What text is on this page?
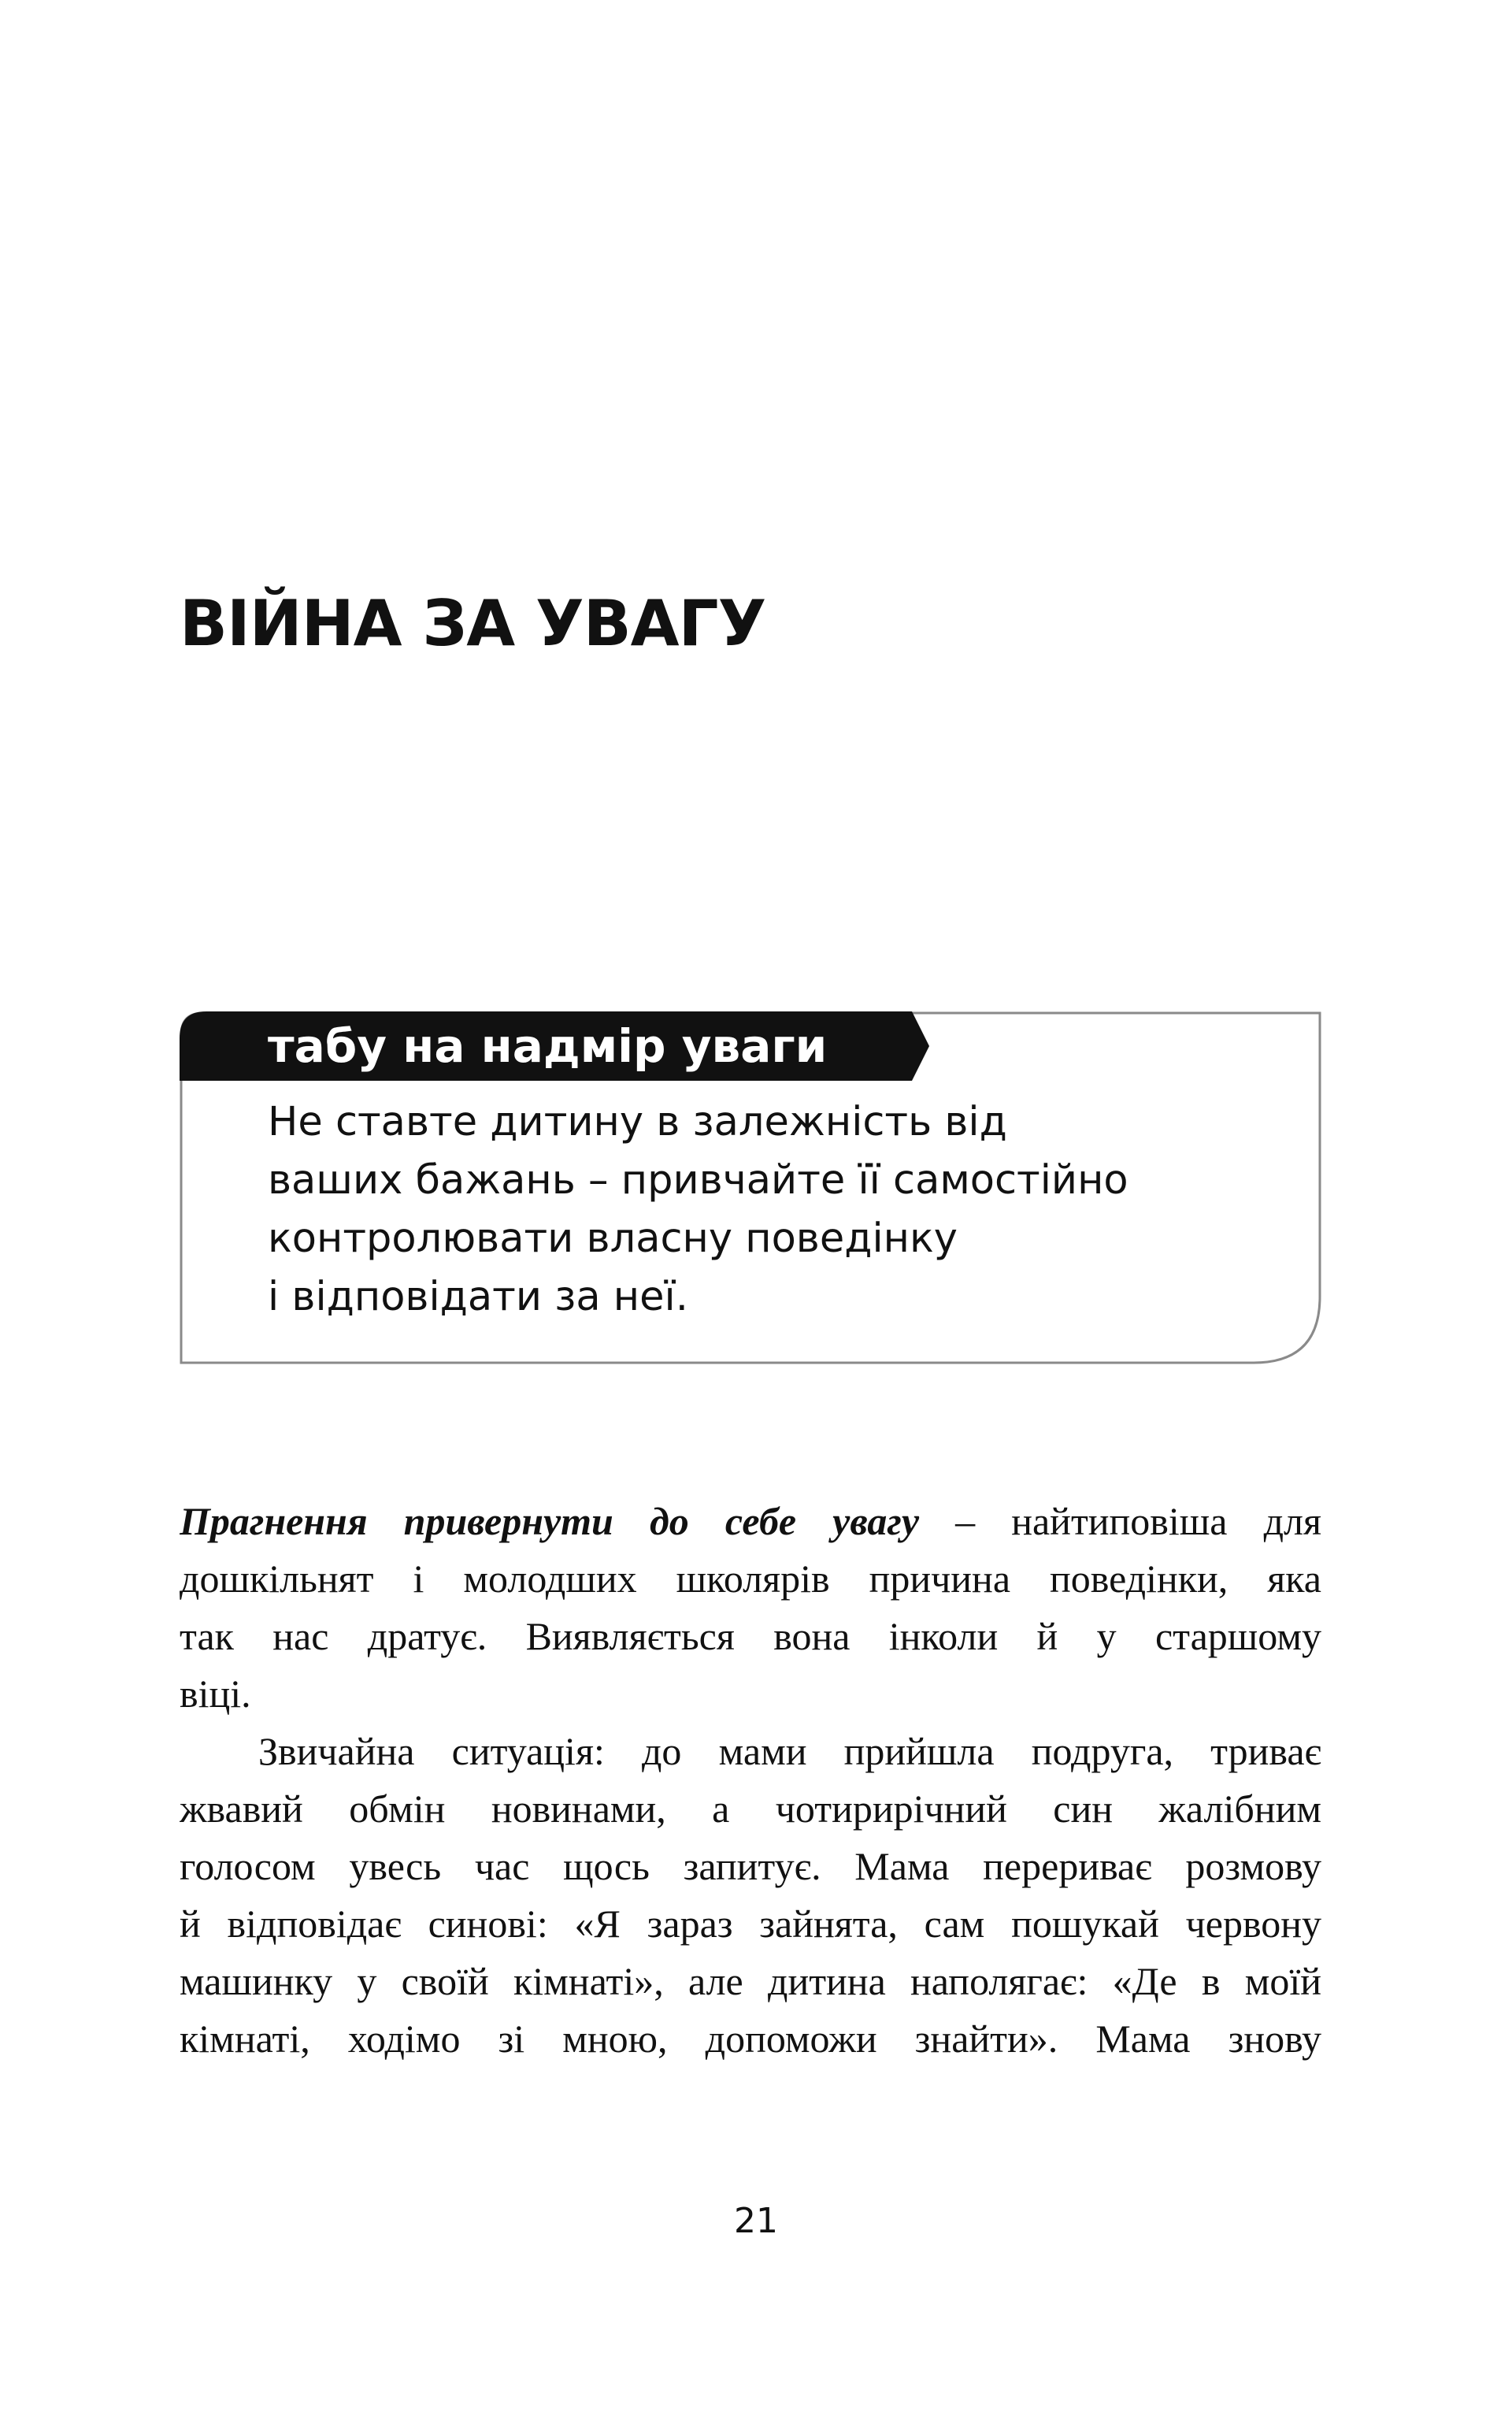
ВІЙНА ЗА УВАГУ
табу на надмір уваги

Не ставте дитину в залежність від
ваших бажань – привчайте її самостійно
контролювати власну поведінку
і відповідати за неї.

Прагнення привернути до себе увагу – найтиповіша для
дошкільнят і молодших школярів причина поведінки, яка
так нас дратує. Виявляється вона інколи й у старшому
віці.
Звичайна ситуація: до мами прийшла подруга, триває
жвавий обмін новинами, а чотирирічний син жалібним
голосом увесь час щось запитує. Мама перериває розмову
й відповідає синові: «Я зараз зайнята, сам пошукай червону
машинку у своїй кімнаті», але дитина наполягає: «Де в моїй
кімнаті, ходімо зі мною, допоможи знайти». Мама знову
21
